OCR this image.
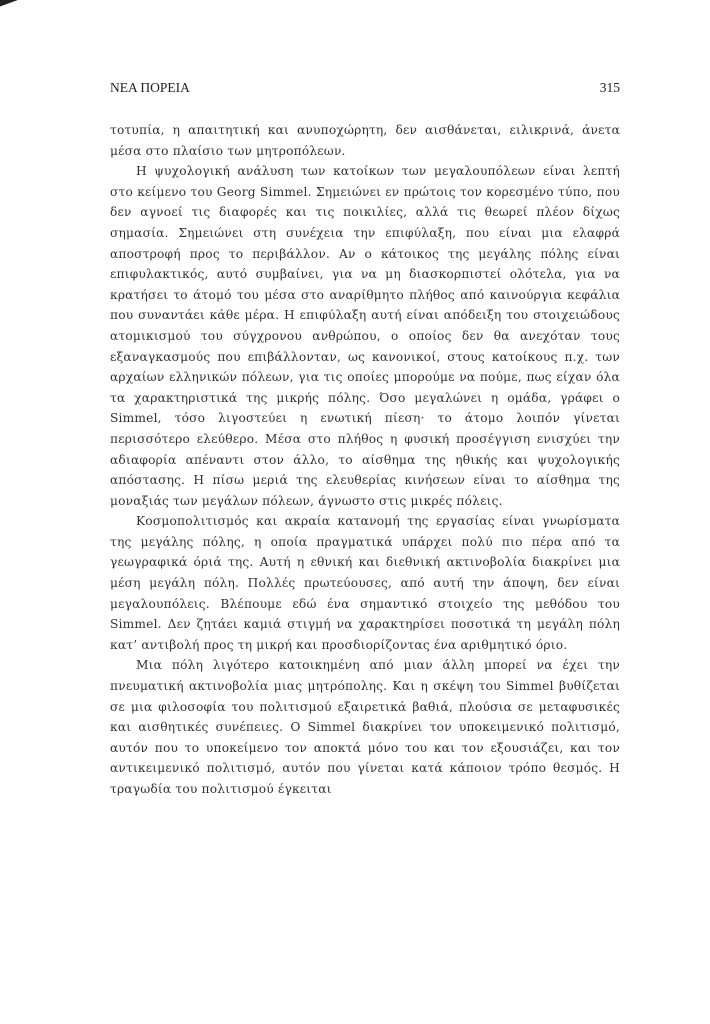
ΝΕΑ ΠΟΡΕΙΑ	315

τοτυπία, η απαιτητική και ανυποχώρητη, δεν αισθάνεται, ειλικρινά, άνετα μέσα στο πλαίσιο των μητροπόλεων.

Η ψυχολογική ανάλυση των κατοίκων των μεγαλουπόλεων είναι λεπτή στο κείμενο του Georg Simmel. Σημειώνει εν πρώτοις τον κορεσμένο τύπο, που δεν αγνοεί τις διαφορές και τις ποικιλίες, αλλά τις θεωρεί πλέον δίχως σημασία. Σημειώνει στη συνέχεια την επιφύλαξη, που είναι μια ελαφρά αποστροφή προς το περιβάλλον. Αν ο κάτοικος της μεγάλης πόλης είναι επιφυλακτικός, αυτό συμβαίνει, για να μη διασκορπιστεί ολότελα, για να κρατήσει το άτομό του μέσα στο αναρίθμητο πλήθος από καινούργια κεφάλια που συναντάει κάθε μέρα. Η επιφύλαξη αυτή είναι απόδειξη του στοιχειώδους ατομικισμού του σύγχρονου ανθρώπου, ο οποίος δεν θα ανεχόταν τους εξαναγκασμούς που επιβάλλονταν, ως κανονικοί, στους κατοίκους π.χ. των αρχαίων ελληνικών πόλεων, για τις οποίες μπορούμε να πούμε, πως είχαν όλα τα χαρακτηριστικά της μικρής πόλης. Όσο μεγαλώνει η ομάδα, γράφει ο Simmel, τόσο λιγοστεύει η ενωτική πίεση· το άτομο λοιπόν γίνεται περισσότερο ελεύθερο. Μέσα στο πλήθος η φυσική προσέγγιση ενισχύει την αδιαφορία απέναντι στον άλλο, το αίσθημα της ηθικής και ψυχολογικής απόστασης. Η πίσω μεριά της ελευθερίας κινήσεων είναι το αίσθημα της μοναξιάς των μεγάλων πόλεων, άγνωστο στις μικρές πόλεις.

Κοσμοπολιτισμός και ακραία κατανομή της εργασίας είναι γνωρίσματα της μεγάλης πόλης, η οποία πραγματικά υπάρχει πολύ πιο πέρα από τα γεωγραφικά όριά της. Αυτή η εθνική και διεθνική ακτινοβολία διακρίνει μια μέση μεγάλη πόλη. Πολλές πρωτεύουσες, από αυτή την άποψη, δεν είναι μεγαλουπόλεις. Βλέπουμε εδώ ένα σημαντικό στοιχείο της μεθόδου του Simmel. Δεν ζητάει καμιά στιγμή να χαρακτηρίσει ποσοτικά τη μεγάλη πόλη κατ’ αντιβολή προς τη μικρή και προσδιορίζοντας ένα αριθμητικό όριο.

Μια πόλη λιγότερο κατοικημένη από μιαν άλλη μπορεί να έχει την πνευματική ακτινοβολία μιας μητρόπολης. Και η σκέψη του Simmel βυθίζεται σε μια φιλοσοφία του πολιτισμού εξαιρετικά βαθιά, πλούσια σε μεταφυσικές και αισθητικές συνέπειες. Ο Simmel διακρίνει τον υποκειμενικό πολιτισμό, αυτόν που το υποκείμενο τον αποκτά μόνο του και τον εξουσιάζει, και τον αντικειμενικό πολιτισμό, αυτόν που γίνεται κατά κάποιον τρόπο θεσμός. Η τραγωδία του πολιτισμού έγκειται
